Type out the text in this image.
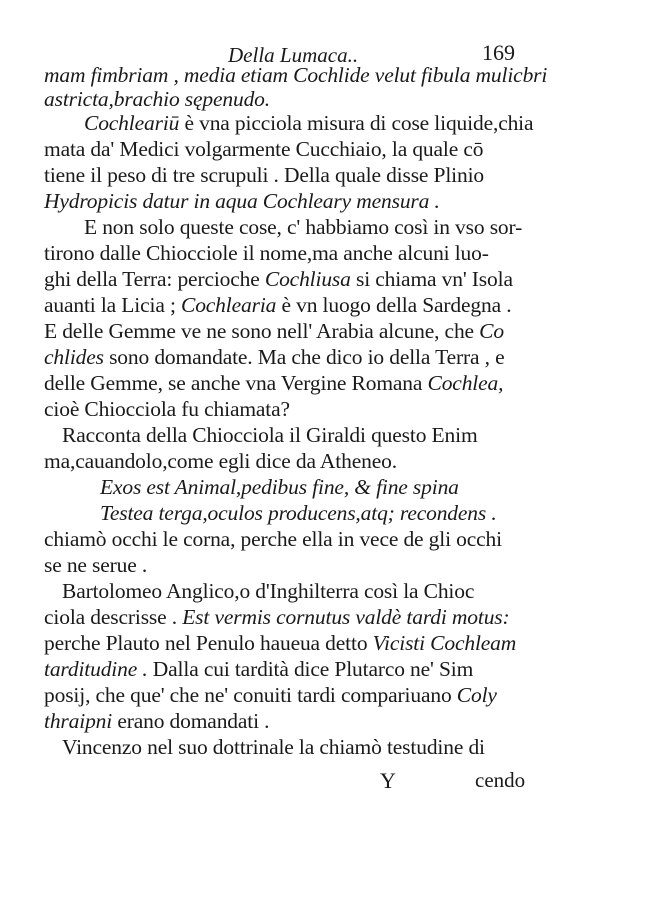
Della Lumaca..	169
mam fimbriam , media etiam Cochlide velut fibula mulicbri
astricta,brachio sępenudo.
Cochleariū è vna picciola misura di cose liquide,chia
mata da' Medici volgarmente Cucchiaio, la quale cō
tiene il peso di tre scrupuli . Della quale disse Plinio
Hydropicis datur in aqua Cochleary mensura .
E non solo queste cose, c' habbiamo così in vso sor-
tirono dalle Chiocciole il nome,ma anche alcuni luo-
ghi della Terra: percioche Cochliusa si chiama vn' Isola
auanti la Licia ; Cochlearia è vn luogo della Sardegna .
E delle Gemme ve ne sono nell' Arabia alcune, che Co
chlides sono domandate. Ma che dico io della Terra , e
delle Gemme, se anche vna Vergine Romana Cochlea,
cioè Chiocciola fu chiamata?
Racconta della Chiocciola il Giraldi questo Enim
ma,cauandolo,come egli dice da Atheneo.
Exos est Animal,pedibus fine, & fine spina
Testea terga,oculos producens,atq; recondens .
chiamò occhi le corna, perche ella in vece de gli occhi
se ne serue .
Bartolomeo Anglico,o d'Inghilterra così la Chioc
ciola descrisse . Est vermis cornutus valdè tardi motus:
perche Plauto nel Penulo haueua detto Vicisti Cochleam
tarditudine . Dalla cui tardità dice Plutarco ne' Sim
posij, che que' che ne' conuiti tardi compariuano Coly
thraipni erano domandati .
Vincenzo nel suo dottrinale la chiamò testudine di
Y	cendo
